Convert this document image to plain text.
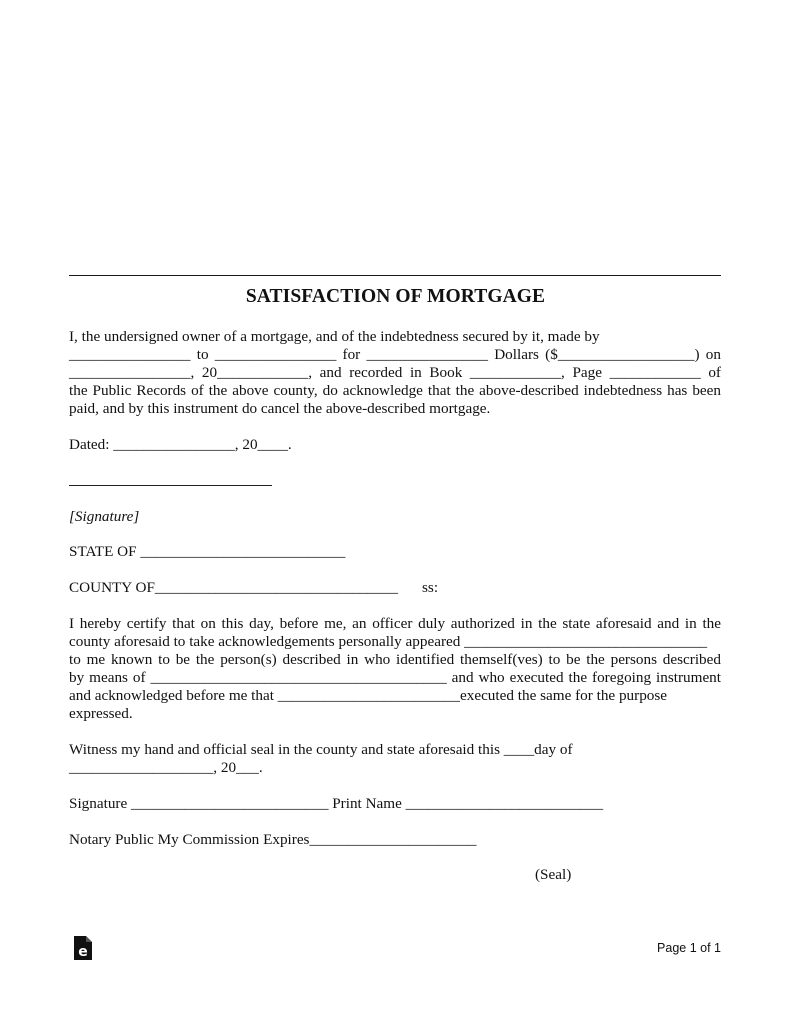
SATISFACTION OF MORTGAGE
I, the undersigned owner of a mortgage, and of the indebtedness secured by it, made by
________________ to ________________ for ________________ Dollars ($__________________) on
________________, 20____________, and recorded in Book ____________, Page ____________ of
the Public Records of the above county, do acknowledge that the above-described indebtedness has been
paid, and by this instrument do cancel the above-described mortgage.
Dated: ________________, 20____.
[Signature]
STATE OF ___________________________
COUNTY OF________________________________ ss:
I hereby certify that on this day, before me, an officer duly authorized in the state aforesaid and in the
county aforesaid to take acknowledgements personally appeared ________________________________
to me known to be the person(s) described in who identified themself(ves) to be the persons described
by means of _______________________________________ and who executed the foregoing instrument
and acknowledged before me that ________________________executed the same for the purpose
expressed.
Witness my hand and official seal in the county and state aforesaid this ____day of
___________________, 20___.
Signature __________________________ Print Name __________________________
Notary Public My Commission Expires______________________
(Seal)
e	Page 1 of 1
